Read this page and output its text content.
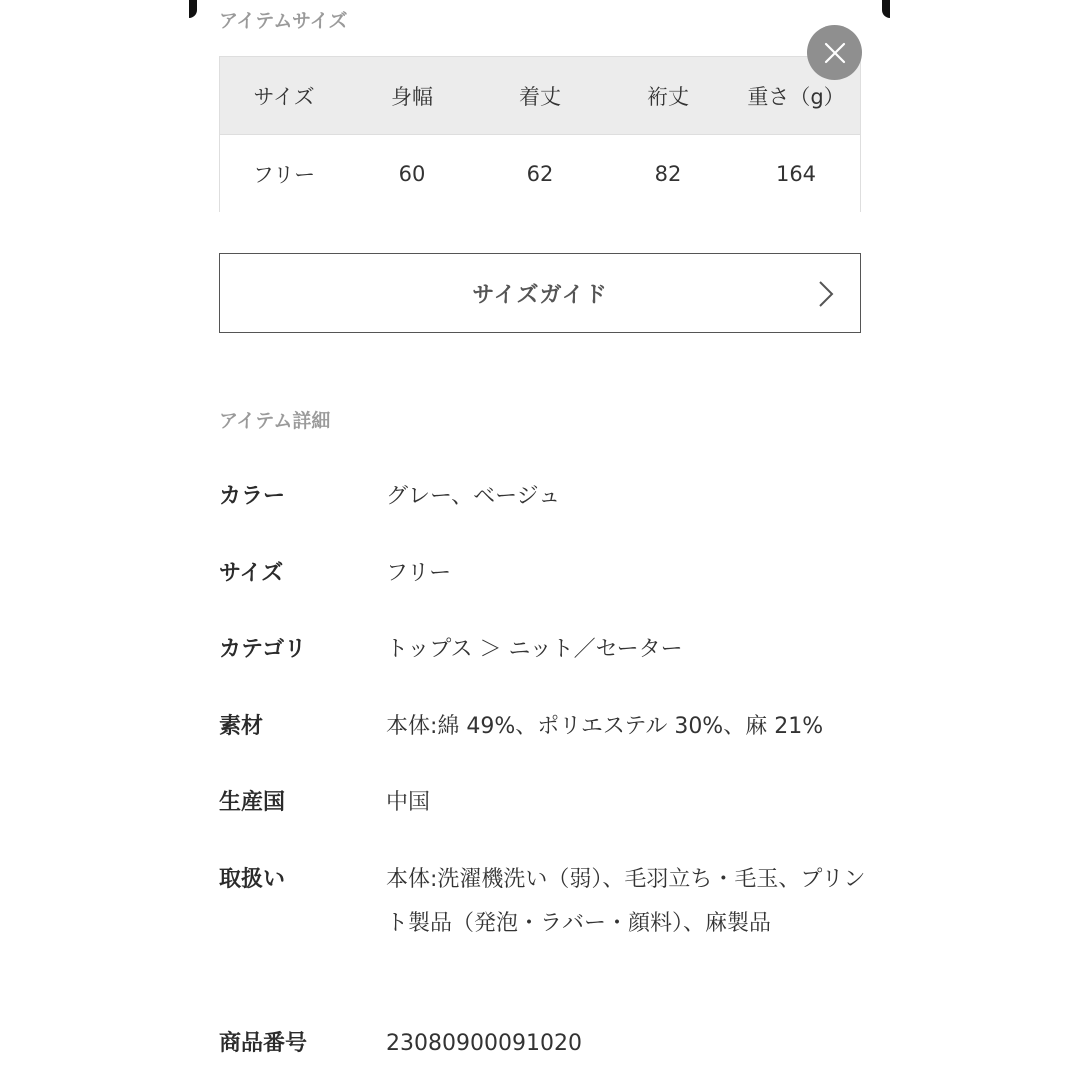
アイテムサイズ
サイズ	身幅	着丈	裄丈	重さ（g）
フリー	60	62	82	164
サイズガイド
アイテム詳細
カラー	グレー、ベージュ
サイズ	フリー
カテゴリ	トップス ＞ ニット／セーター
素材	本体:綿 49%、ポリエステル 30%、麻 21%
生産国	中国
取扱い	本体:洗濯機洗い（弱）、毛羽立ち・毛玉、プリント製品（発泡・ラバー・顔料）、麻製品
商品番号	23080900091020
